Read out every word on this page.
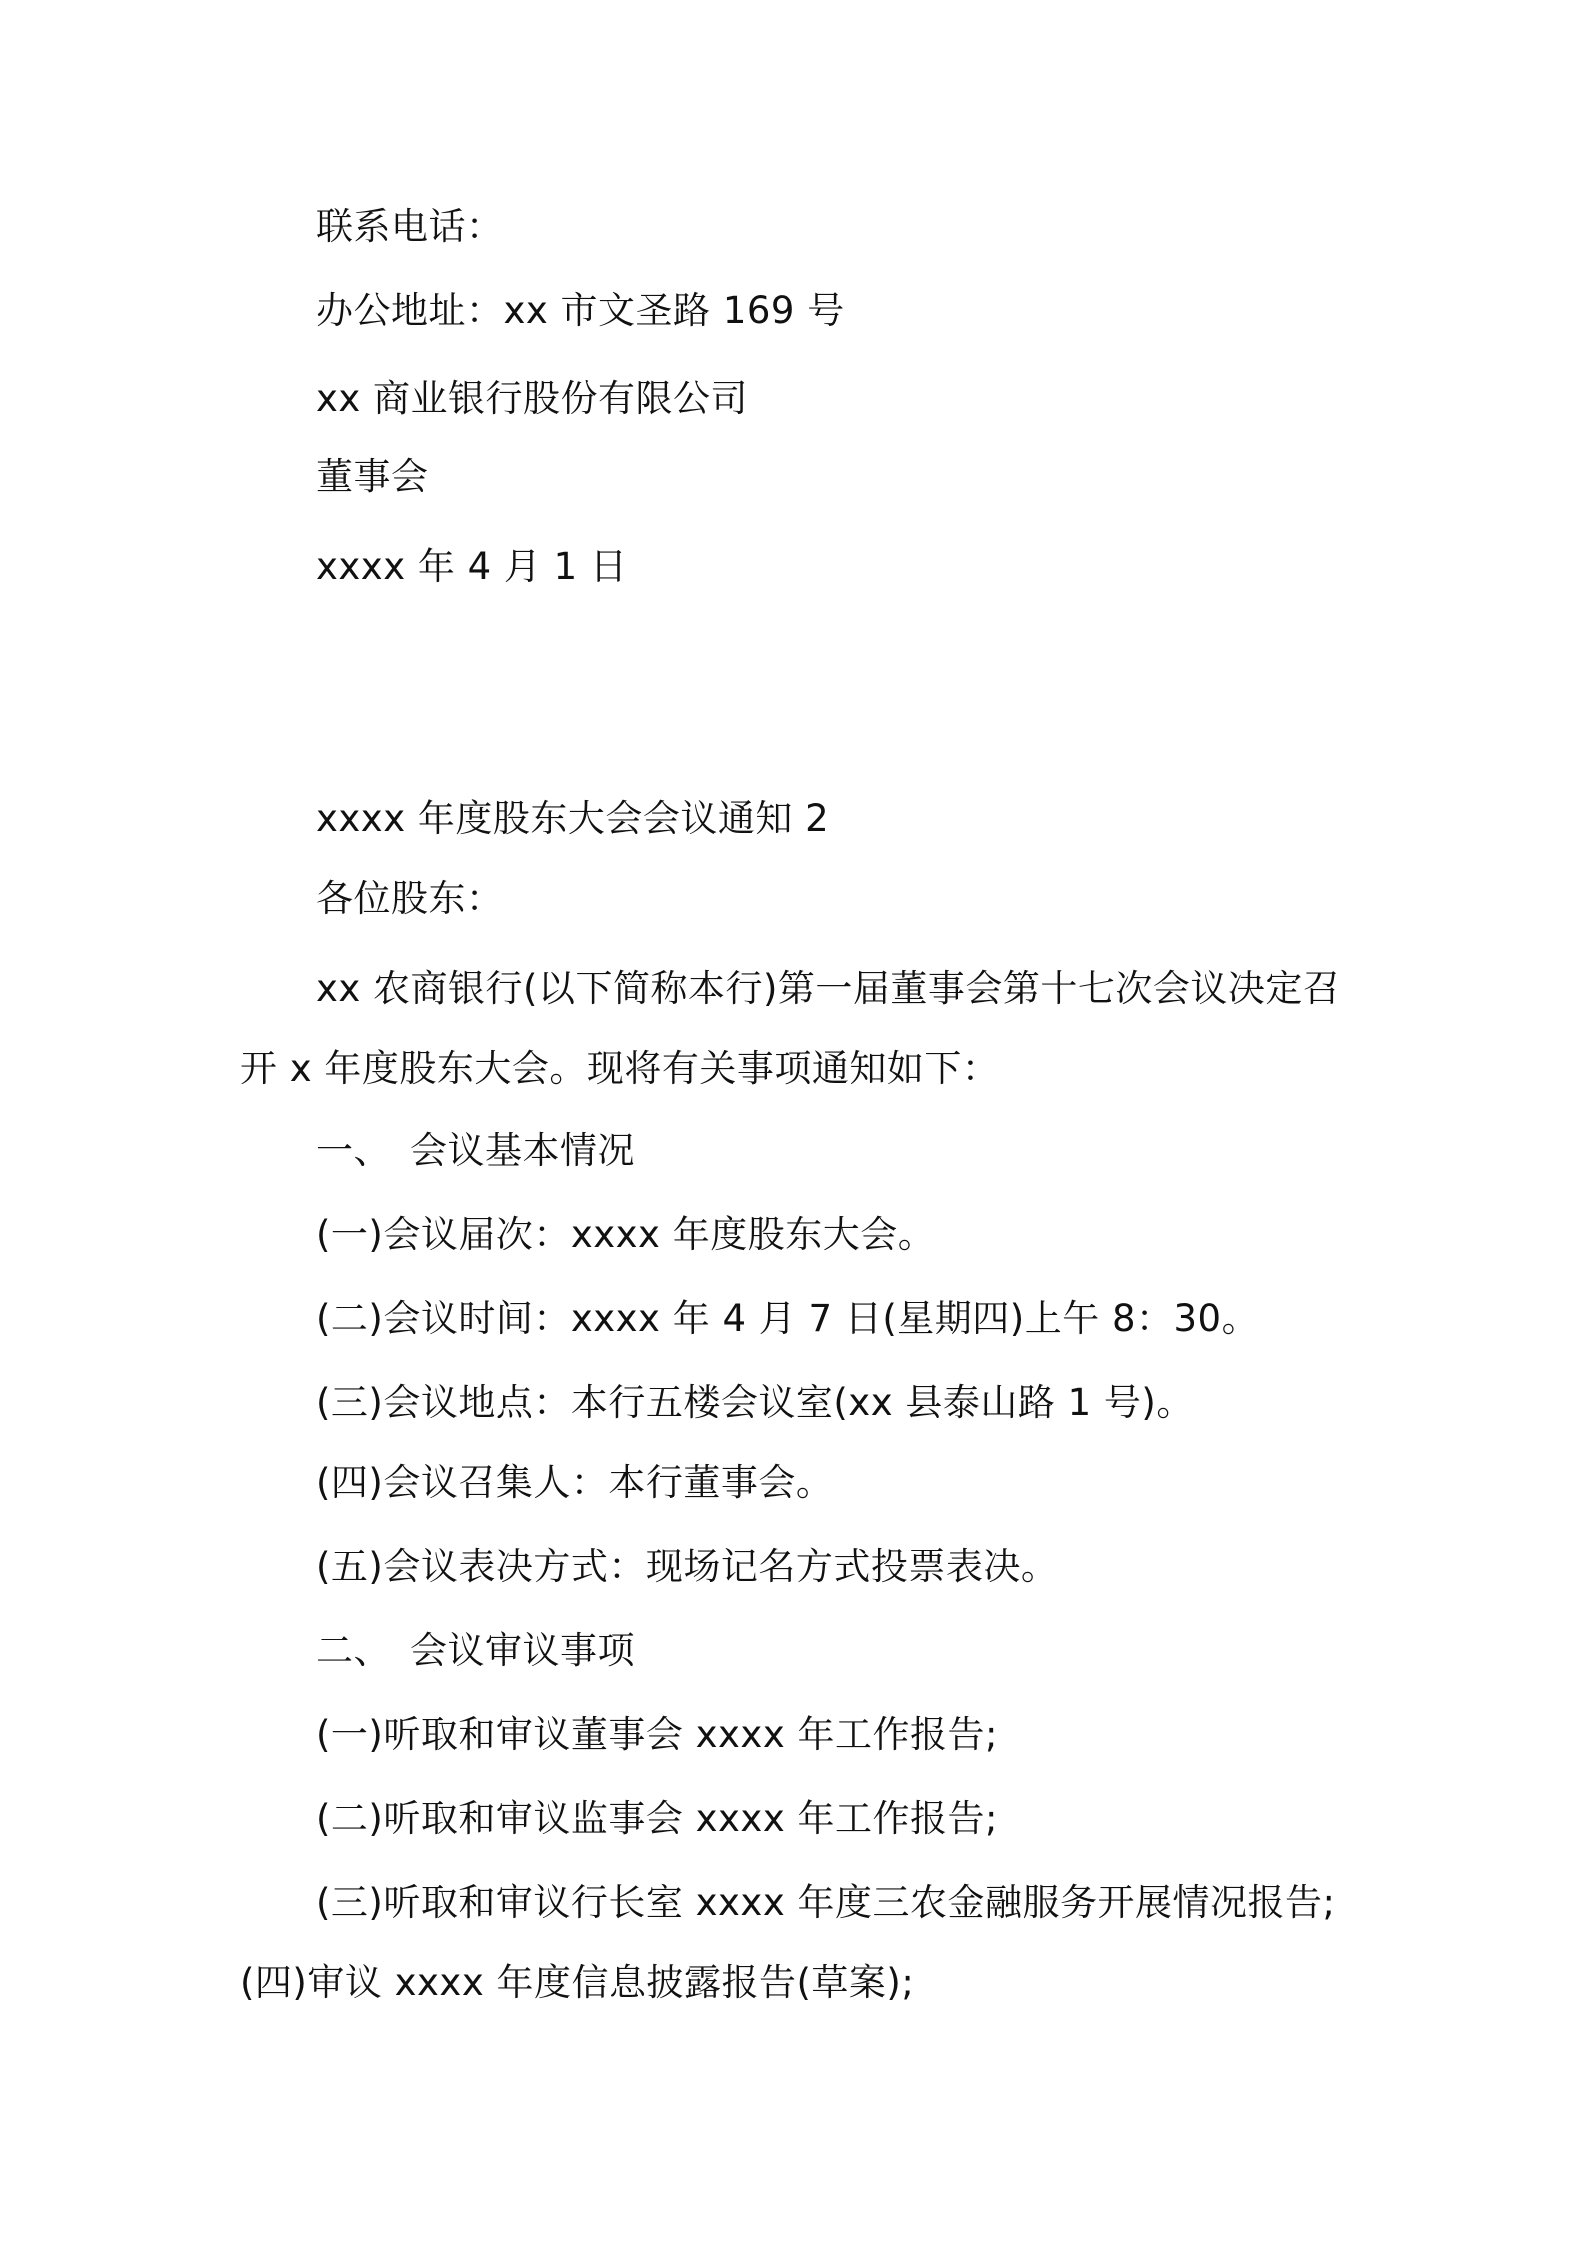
联系电话：
办公地址：xx 市文圣路 169 号
xx 商业银行股份有限公司
董事会
xxxx 年 4 月 1 日
xxxx 年度股东大会会议通知 2
各位股东：
xx 农商银行(以下简称本行)第一届董事会第十七次会议决定召
开 x 年度股东大会。现将有关事项通知如下：
一、 会议基本情况
(一)会议届次：xxxx 年度股东大会。
(二)会议时间：xxxx 年 4 月 7 日(星期四)上午 8：30。
(三)会议地点：本行五楼会议室(xx 县泰山路 1 号)。
(四)会议召集人：本行董事会。
(五)会议表决方式：现场记名方式投票表决。
二、 会议审议事项
(一)听取和审议董事会 xxxx 年工作报告;
(二)听取和审议监事会 xxxx 年工作报告;
(三)听取和审议行长室 xxxx 年度三农金融服务开展情况报告;
(四)审议 xxxx 年度信息披露报告(草案);
